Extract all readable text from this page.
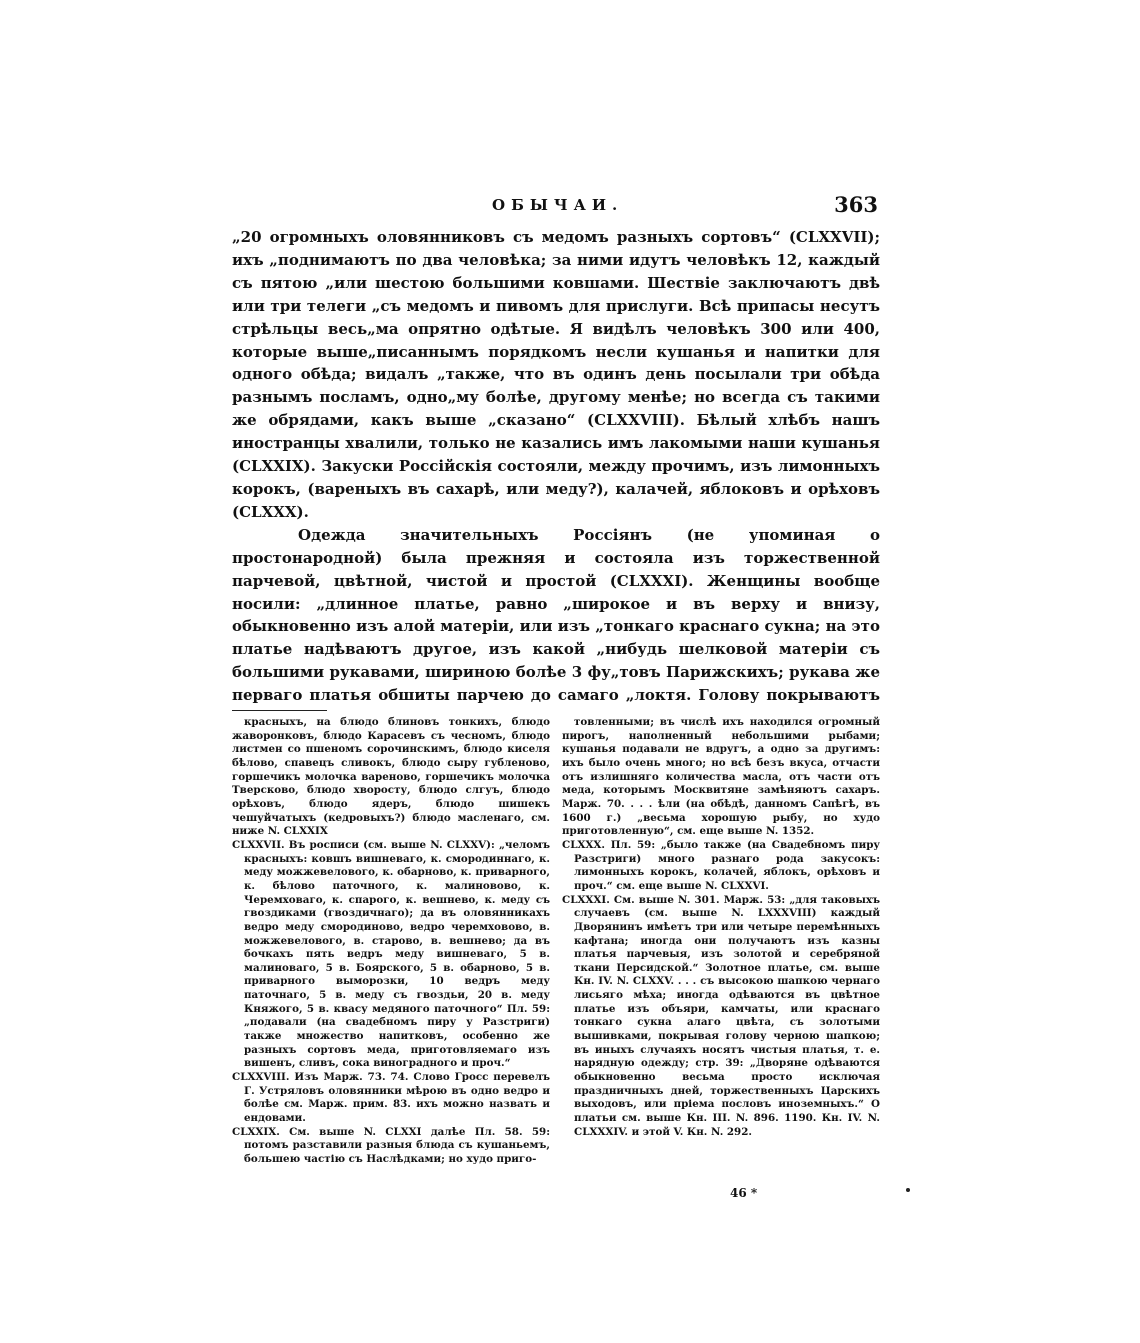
ОБЫЧАИ.	363

„20 огромныхъ оловянниковъ съ медомъ разныхъ сортовъ“ (CLXXVII); ихъ „поднимаютъ по два человѣка; за ними идутъ человѣкъ 12, каждый съ пятою „или шестою большими ковшами. Шествіе заключаютъ двѣ или три телеги „съ медомъ и пивомъ для прислуги. Всѣ припасы несутъ стрѣльцы весь„ма опрятно одѣтые. Я видѣлъ человѣкъ 300 или 400, которые выше„писаннымъ порядкомъ несли кушанья и напитки для одного обѣда; видалъ „также, что въ одинъ день посылали три обѣда разнымъ посламъ, одно„му болѣе, другому менѣе; но всегда съ такими же обрядами, какъ выше „сказано“ (CLXXVIII). Бѣлый хлѣбъ нашъ иностранцы хвалили, только не казались имъ лакомыми наши кушанья (CLXXIX). Закуски Россійскія состояли, между прочимъ, изъ лимонныхъ корокъ, (вареныхъ въ сахарѣ, или меду?), калачей, яблоковъ и орѣховъ (CLXXX).

Одежда значительныхъ Россіянъ (не упоминая о простонародной) была прежняя и состояла изъ торжественной парчевой, цвѣтной, чистой и простой (CLXXXI). Женщины вообще носили: „длинное платье, равно „широкое и въ верху и внизу, обыкновенно изъ алой матеріи, или изъ „тонкаго краснаго сукна; на это платье надѣваютъ другое, изъ какой „нибудь шелковой матеріи съ большими рукавами, шириною болѣе 3 фу„товъ Парижскихъ; рукава же перваго платья обшиты парчею до самаго „локтя. Голову покрываютъ

красныхъ, на блюдо блиновъ тонкихъ, блюдо жаворонковъ, блюдо Карасевъ съ чесномъ, блюдо листмен со пшеномъ сорочинскимъ, блюдо киселя бѣлово, спавецъ сливокъ, блюдо сыру губленово, горшечикъ молочка вареново, горшечикъ молочка Тверсково, блюдо хворосту, блюдо слгуъ, блюдо орѣховъ, блюдо ядеръ, блюдо шишекъ чешуйчатыхъ (кедровыхъ?) блюдо масленаго, см. ниже N. CLXXIX

CLXXVII. Въ росписи (см. выше N. CLXXV): „челомъ красныхъ: ковшъ вишневаго, к. смородиннаго, к. меду можжевелового, к. обарново, к. приварного, к. бѣлово паточного, к. малиновово, к. Черемховаго, к. спарого, к. вешнево, к. меду съ гвоздиками (гвоздичнаго); да въ оловянникахъ ведро меду смородиново, ведро черемховово, в. можжевелового, в. старово, в. вешнево; да въ бочкахъ пять ведръ меду вишневаго, 5 в. малиноваго, 5 в. Боярского, 5 в. обарново, 5 в. приварного выморозки, 10 ведръ меду паточнаго, 5 в. меду съ гвоздьи, 20 в. меду Княжого, 5 в. квасу медяного паточного“ Пл. 59: „подавали (на свадебномъ пиру у Разстриги) также множество напитковъ, особенно же разныхъ сортовъ меда, приготовляемаго изъ вишенъ, сливъ, сока виноградного и проч.“

CLXXVIII. Изъ Марж. 73. 74. Слово Гросс перевелъ Г. Устряловъ оловянники мѣрою въ одно ведро и болѣе см. Марж. прим. 83. ихъ можно назвать и ендовами.

CLXXIX. См. выше N. CLXXI далѣе Пл. 58. 59: потомъ разставили разныя блюда съ кушаньемъ, большею частію съ Наслѣдками; но худо приго-

товленными; въ числѣ ихъ находился огромный пирогъ, наполненный небольшими рыбами; кушанья подавали не вдругъ, а одно за другимъ: ихъ было очень много; но всѣ безъ вкуса, отчасти отъ излишняго количества масла, отъ части отъ меда, которымъ Москвитяне замѣняютъ сахаръ. Марж. 70. . . . ѣли (на обѣдѣ, данномъ Сапѣгѣ, въ 1600 г.) „весьма хорошую рыбу, но худо приготовленную“, см. еще выше N. 1352.

CLXXX. Пл. 59: „было также (на Свадебномъ пиру Разстриги) много разнаго рода закусокъ: лимонныхъ корокъ, колачей, яблокъ, орѣховъ и проч.“ см. еще выше N. CLXXVI.

CLXXXI. См. выше N. 301. Марж. 53: „для таковыхъ случаевъ (см. выше N. LXXXVIII) каждый Дворянинъ имѣетъ три или четыре перемѣнныхъ кафтана; иногда они получаютъ изъ казны платья парчевыя, изъ золотой и серебряной ткани Персидской.“ Золотное платье, см. выше Кн. IV. N. CLXXV. . . . съ высокою шапкою чернаго лисьяго мѣха; иногда одѣваются въ цвѣтное платье изъ объяри, камчаты, или краснаго тонкаго сукна алаго цвѣта, съ золотыми вышивками, покрывая голову черною шапкою; въ иныхъ случаяхъ носятъ чистыя платья, т. е. нарядную одежду; стр. 39: „Дворяне одѣваются обыкновенно весьма просто исключая праздничныхъ дней, торжественныхъ Царскихъ выходовъ, или пріема пословъ иноземныхъ.“ О платьи см. выше Кн. III. N. 896. 1190. Кн. IV. N. CLXXXIV. и этой V. Кн. N. 292.

46 *
